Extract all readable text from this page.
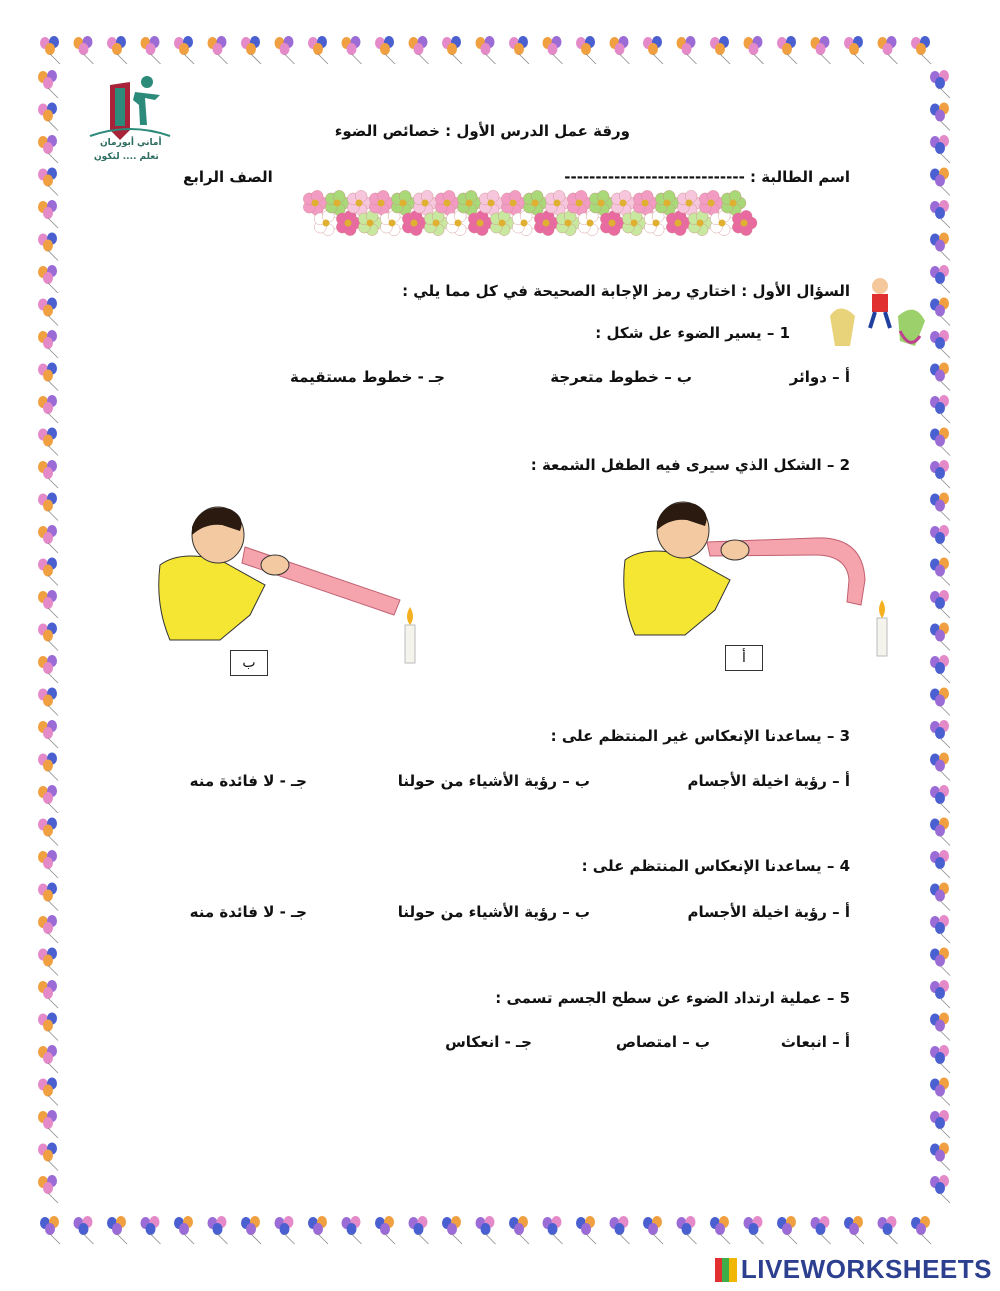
أماني أبورمان
تعلم .... لتكون
ورقة عمل الدرس الأول : خصائص الضوء
اسم الطالبة : -----------------------------
الصف الرابع
السؤال الأول : اختاري رمز الإجابة الصحيحة في كل مما يلي :
1 – يسير الضوء عل شكل :
أ – دوائر
ب – خطوط متعرجة
جـ - خطوط مستقيمة
2 – الشكل الذي سيرى فيه الطفل الشمعة :
أ
ب
3 – يساعدنا الإنعكاس غير المنتظم على :
أ – رؤية اخيلة الأجسام
ب – رؤية الأشياء من حولنا
جـ - لا فائدة منه
4 – يساعدنا الإنعكاس المنتظم على :
أ – رؤية اخيلة الأجسام
ب – رؤية الأشياء من حولنا
جـ - لا فائدة منه
5 – عملية ارتداد الضوء عن سطح الجسم تسمى :
أ – انبعاث
ب – امتصاص
جـ - انعكاس
LIVEWORKSHEETS
